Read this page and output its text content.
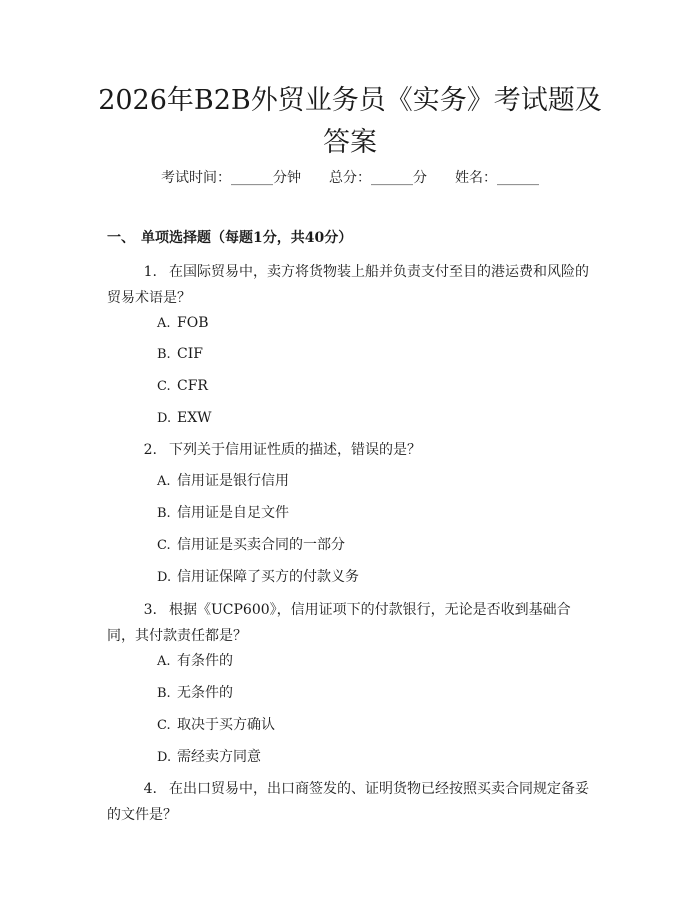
2026年B2B外贸业务员《实务》考试题及答案
考试时间：______分钟 总分：______分 姓名：______
一、 单项选择题（每题1分，共40分）
1. 在国际贸易中，卖方将货物装上船并负责支付至目的港运费和风险的贸易术语是？
A. FOB
B. CIF
C. CFR
D. EXW
2. 下列关于信用证性质的描述，错误的是？
A. 信用证是银行信用
B. 信用证是自足文件
C. 信用证是买卖合同的一部分
D. 信用证保障了买方的付款义务
3. 根据《UCP600》，信用证项下的付款银行，无论是否收到基础合同，其付款责任都是？
A. 有条件的
B. 无条件的
C. 取决于买方确认
D. 需经卖方同意
4. 在出口贸易中，出口商签发的、证明货物已经按照买卖合同规定备妥的文件是？
